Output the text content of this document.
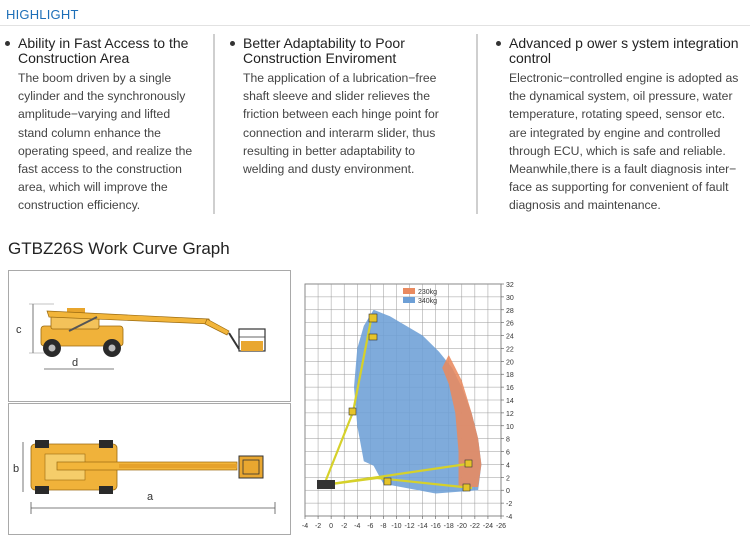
HIGHLIGHT
Ability in Fast Access to the
Construction Area
The boom driven by a single
cylinder and the synchronously
amplitude−varying and lifted
stand column enhance the
operating speed, and realize the
fast access to the construction
area, which will improve the
construction efficiency.
Better Adaptability to Poor
Construction Enviroment
The application of a lubrication−free
shaft sleeve and slider relieves the
friction between each hinge point for
connection and interarm slider, thus
resulting in better adaptability to
welding and dusty environment.
Advanced p ower s ystem integration
control
Electronic−controlled engine is adopted as
the dynamical system, oil pressure, water
temperature, rotating speed, sensor etc.
are integrated by engine and controlled
through ECU, which is safe and reliable.
Meanwhile,there is a fault diagnosis inter−
face as supporting for convenient of fault
diagnosis and maintenance.
GTBZ26S Work Curve Graph
c
d
b
a
-4
-2
0
2
4
6
8
10
12
14
16
18
20
22
24
26
28
30
32
-4 -2 0 -2 -4 -6 -8 -10 -12 -14 -16 -18 -20 -22 -24 -26
230kg
340kg
